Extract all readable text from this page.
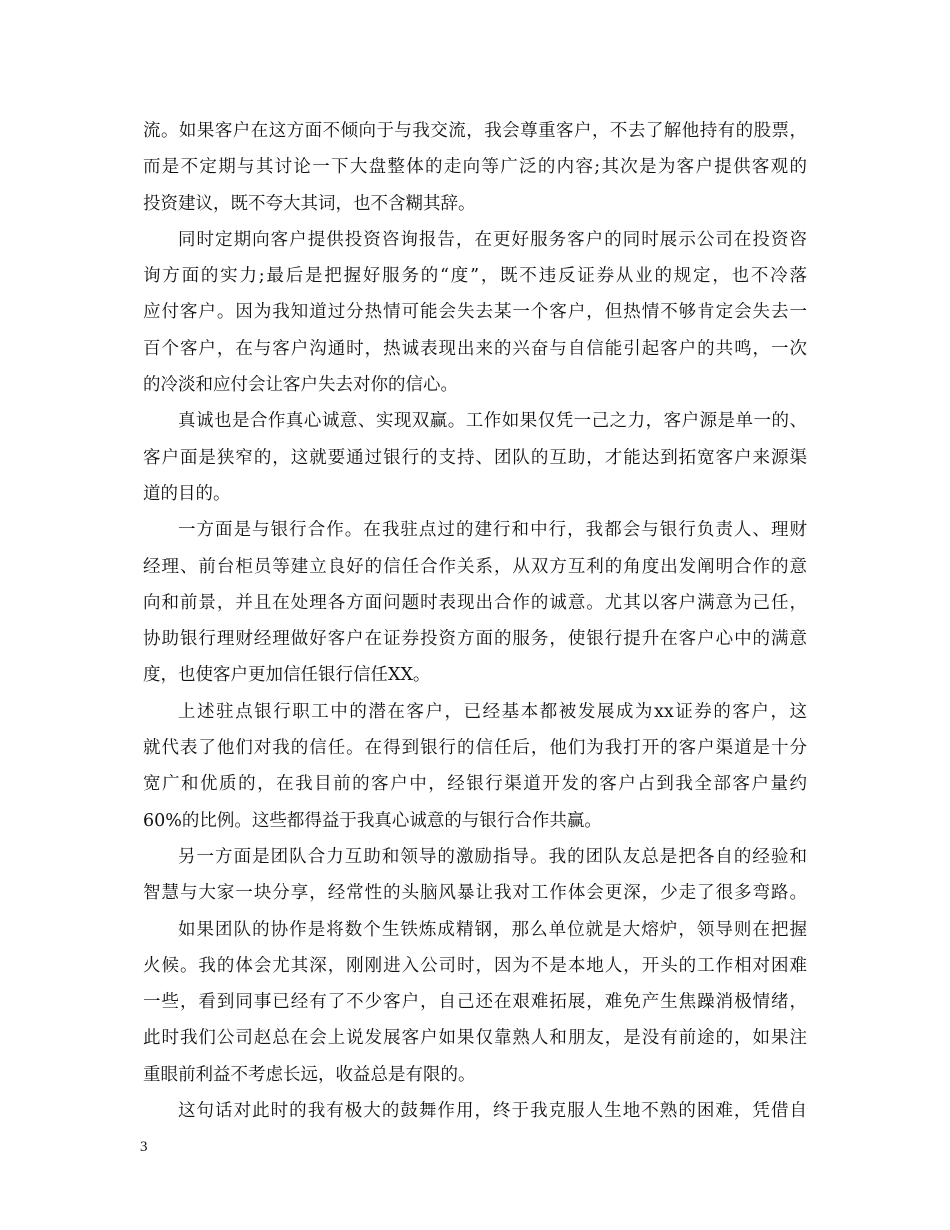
流。如果客户在这方面不倾向于与我交流，我会尊重客户，不去了解他持有的股票，
而是不定期与其讨论一下大盘整体的走向等广泛的内容;其次是为客户提供客观的
投资建议，既不夸大其词，也不含糊其辞。
同时定期向客户提供投资咨询报告，在更好服务客户的同时展示公司在投资咨
询方面的实力;最后是把握好服务的“度”，既不违反证券从业的规定，也不冷落
应付客户。因为我知道过分热情可能会失去某一个客户，但热情不够肯定会失去一
百个客户，在与客户沟通时，热诚表现出来的兴奋与自信能引起客户的共鸣，一次
的冷淡和应付会让客户失去对你的信心。
真诚也是合作真心诚意、实现双赢。工作如果仅凭一己之力，客户源是单一的、
客户面是狭窄的，这就要通过银行的支持、团队的互助，才能达到拓宽客户来源渠
道的目的。
一方面是与银行合作。在我驻点过的建行和中行，我都会与银行负责人、理财
经理、前台柜员等建立良好的信任合作关系，从双方互利的角度出发阐明合作的意
向和前景，并且在处理各方面问题时表现出合作的诚意。尤其以客户满意为己任，
协助银行理财经理做好客户在证券投资方面的服务，使银行提升在客户心中的满意
度，也使客户更加信任银行信任XX。
上述驻点银行职工中的潜在客户，已经基本都被发展成为xx证券的客户，这
就代表了他们对我的信任。在得到银行的信任后，他们为我打开的客户渠道是十分
宽广和优质的，在我目前的客户中，经银行渠道开发的客户占到我全部客户量约
60%的比例。这些都得益于我真心诚意的与银行合作共赢。
另一方面是团队合力互助和领导的激励指导。我的团队友总是把各自的经验和
智慧与大家一块分享，经常性的头脑风暴让我对工作体会更深，少走了很多弯路。
如果团队的协作是将数个生铁炼成精钢，那么单位就是大熔炉，领导则在把握
火候。我的体会尤其深，刚刚进入公司时，因为不是本地人，开头的工作相对困难
一些，看到同事已经有了不少客户，自己还在艰难拓展，难免产生焦躁消极情绪，
此时我们公司赵总在会上说发展客户如果仅靠熟人和朋友，是没有前途的，如果注
重眼前利益不考虑长远，收益总是有限的。
这句话对此时的我有极大的鼓舞作用，终于我克服人生地不熟的困难，凭借自
3
